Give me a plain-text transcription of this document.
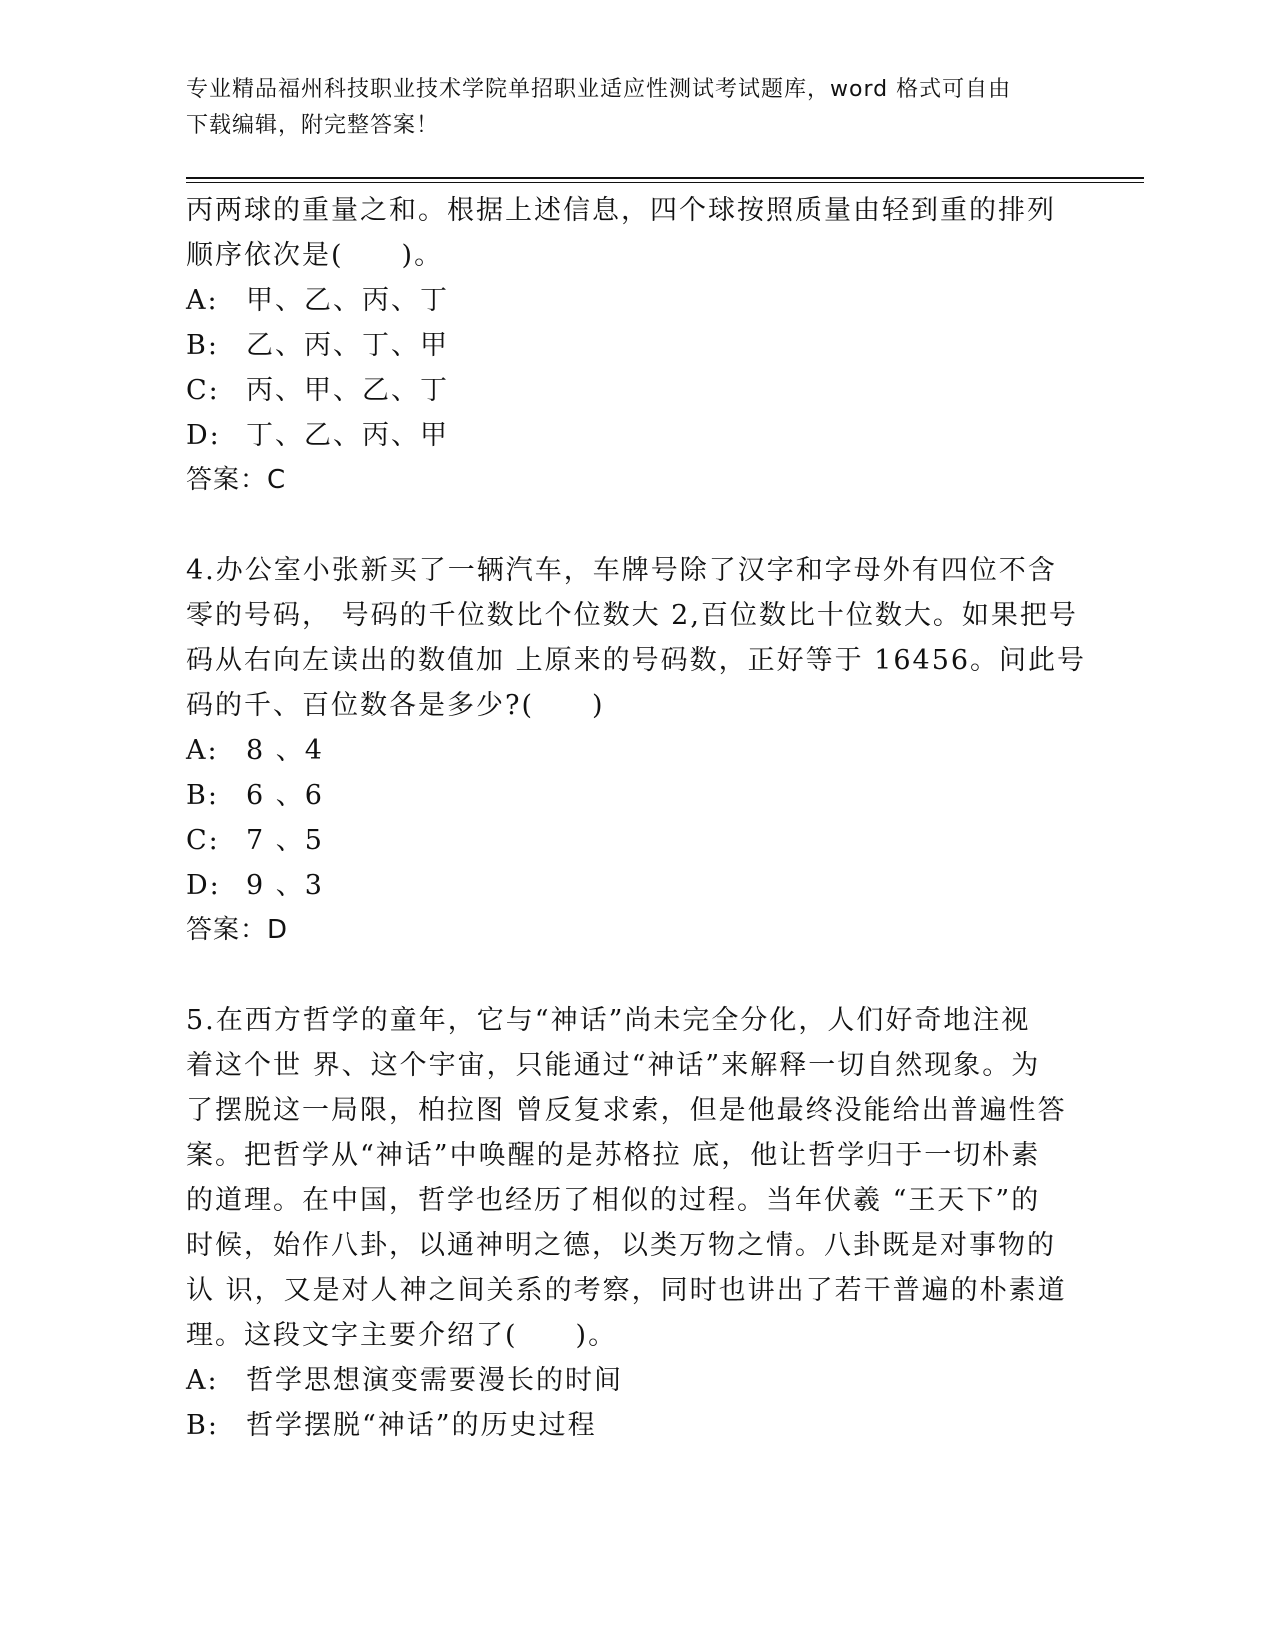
专业精品福州科技职业技术学院单招职业适应性测试考试题库，word 格式可自由
下载编辑，附完整答案！
丙两球的重量之和。根据上述信息，四个球按照质量由轻到重的排列
顺序依次是(　　)。
A: 甲、乙、丙、丁
B: 乙、丙、丁、甲
C: 丙、甲、乙、丁
D: 丁、乙、丙、甲
答案：C
4.办公室小张新买了一辆汽车，车牌号除了汉字和字母外有四位不含
零的号码， 号码的千位数比个位数大 2,百位数比十位数大。如果把号
码从右向左读出的数值加 上原来的号码数，正好等于 16456。问此号
码的千、百位数各是多少?(　　)
A: 8 、4
B: 6 、6
C: 7 、5
D: 9 、3
答案：D
5.在西方哲学的童年，它与“神话”尚未完全分化，人们好奇地注视
着这个世 界、这个宇宙，只能通过“神话”来解释一切自然现象。为
了摆脱这一局限，柏拉图 曾反复求索，但是他最终没能给出普遍性答
案。把哲学从“神话”中唤醒的是苏格拉 底，他让哲学归于一切朴素
的道理。在中国，哲学也经历了相似的过程。当年伏羲 “王天下”的
时候，始作八卦，以通神明之德，以类万物之情。八卦既是对事物的
认 识，又是对人神之间关系的考察，同时也讲出了若干普遍的朴素道
理。这段文字主要介绍了(　　)。
A: 哲学思想演变需要漫长的时间
B: 哲学摆脱“神话”的历史过程
